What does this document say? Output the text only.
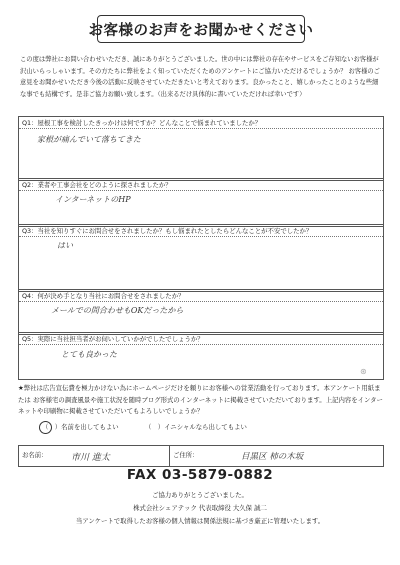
お客様のお声をお聞かせください
この度は弊社にお問い合わせいただき、誠にありがとうございました。世の中には弊社の存在やサービスをご存知ないお客様が沢山いらっしゃいます。その方たちに弊社をよく知っていただくためのアンケートにご協力いただけるでしょうか？ お客様のご意見をお聞かせいただき今後の活動に反映させていただきたいと考えております。良かったこと、嬉しかったことのような些細な事でも結構です。是非ご協力お願い致します。（出来るだけ具体的に書いていただければ幸いです）
Q1：屋根工事を検討したきっかけは何ですか？どんなことで悩まれていましたか？
家根が痛んでいて落ちてきた
Q2：業者や工事会社をどのように探されましたか？
インターネットのHP
Q3：当社を知りすぐにお問合せをされましたか？もし悩まれたとしたらどんなことが不安でしたか？
はい
Q4：何が決め手となり当社にお問合せをされましたか？
メールでの問合わせもOKだったから
Q5：実際に当社担当者がお伺いしていかがでしたでしょうか？
とても良かった
⊛
★弊社は広告宣伝費を極力かけない為にホームページだけを頼りにお客様への営業活動を行っております。本アンケート用紙または お客様宅の調査風景や施工状況を随時ブログ形式のインターネットに掲載させていただいております。上記内容をインターネットや印刷物に掲載させていただいてもよろしいでしょうか？
（　）名前を出してもよい	（　）イニシャルなら出してもよい
お名前：	市川 進太	ご住所：	目黒区 柿の木坂
FAX 03-5879-0882
ご協力ありがとうございました。
株式会社シェアテック 代表取締役 大久保 誠二
当アンケートで取得したお客様の個人情報は関係法規に基づき厳正に管理いたします。
